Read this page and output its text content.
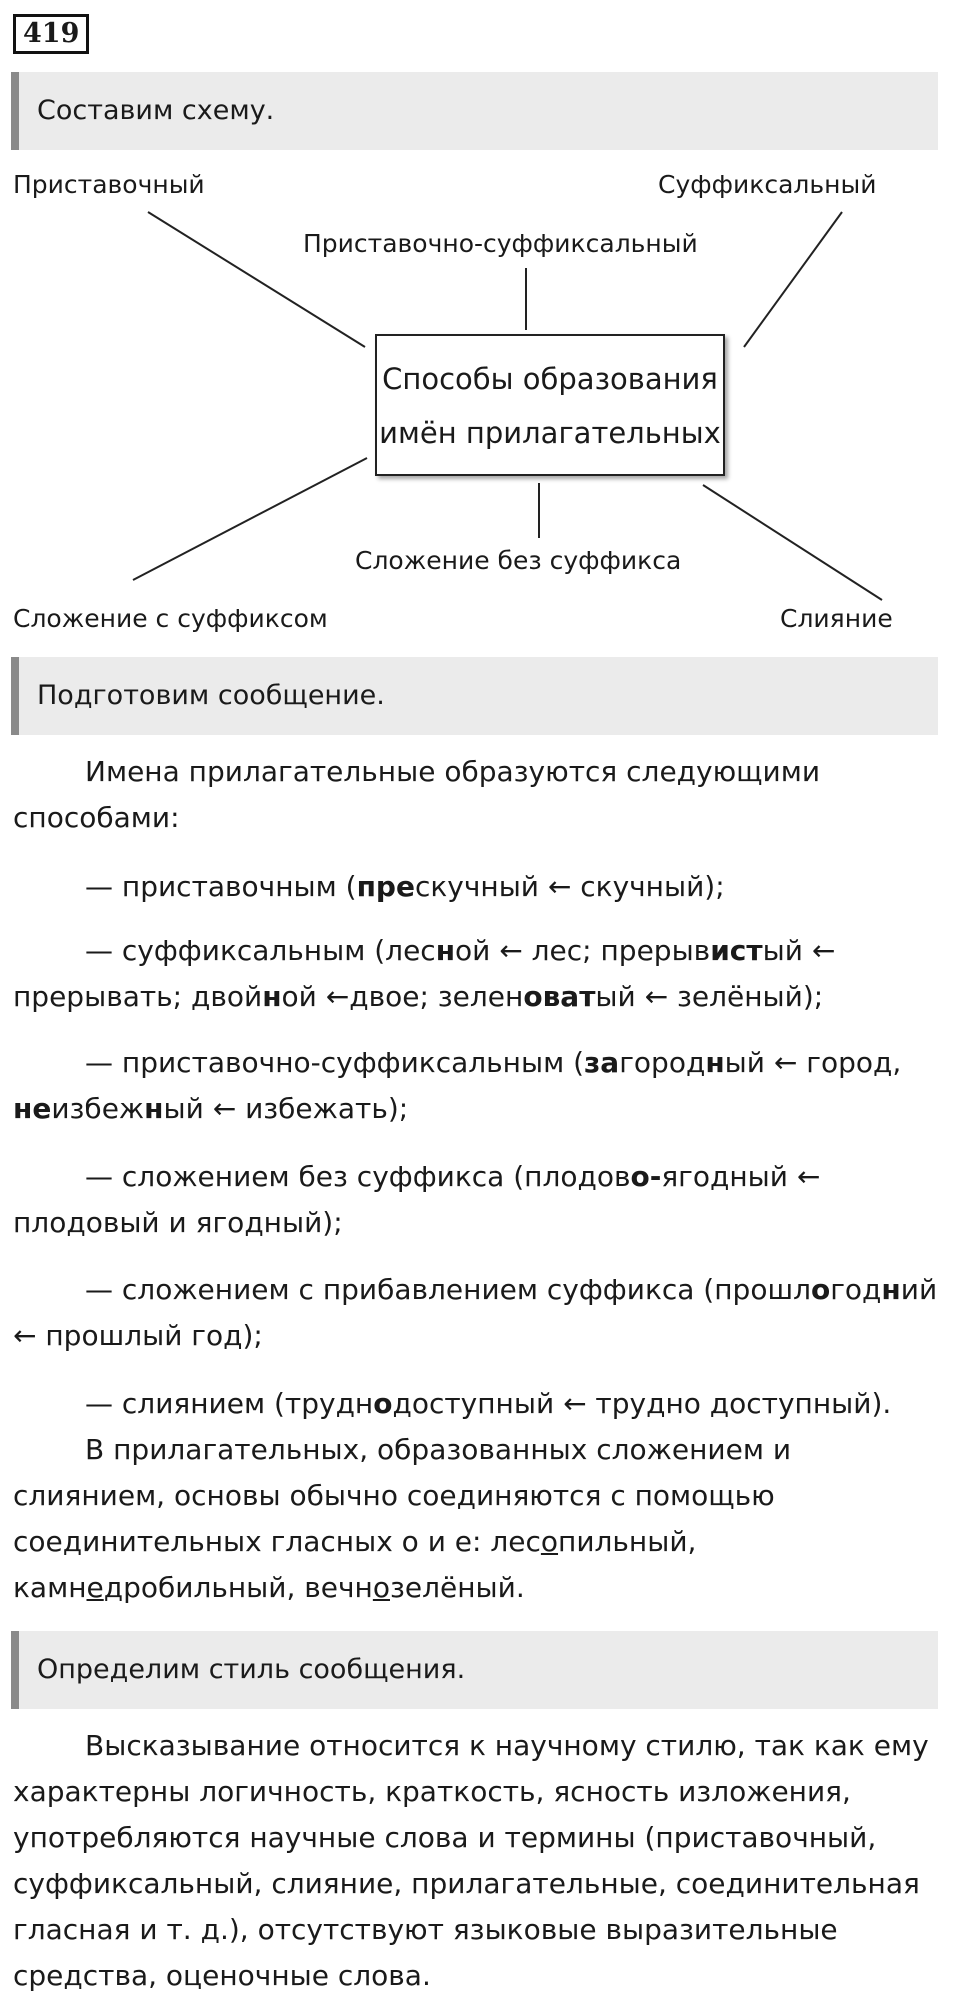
419
Составим схему.
Приставочный	Суффиксальный
Приставочно-суффиксальный
Сложение с суффиксом
Сложение без суффикса
Слияние
Способы образования
имён прилагательных
Подготовим сообщение.
Имена прилагательные образуются следующими способами:
— приставочным (прескучный ← скучный);
— суффиксальным (лесной ← лес; прерывистый ← прерывать; двойной ←двое; зеленоватый ← зелёный);
— приставочно-суффиксальным (загородный ← город,
неизбежный ← избежать);
— сложением без суффикса (плодово-ягодный ← плодовый и ягодный);
— сложением с прибавлением суффикса (прошлогодний ← прошлый год);
— слиянием (труднодоступный ← трудно доступный).
В прилагательных, образованных сложением и слиянием, основы обычно соединяются с помощью соединительных гласных о и е: лесопильный, камнедробильный, вечнозелёный.
Определим стиль сообщения.
Высказывание относится к научному стилю, так как ему характерны логичность, краткость, ясность изложения, употребляются научные слова и термины (приставочный, суффиксальный, слияние, прилагательные, соединительная гласная и т. д.), отсутствуют языковые выразительные средства, оценочные слова.
